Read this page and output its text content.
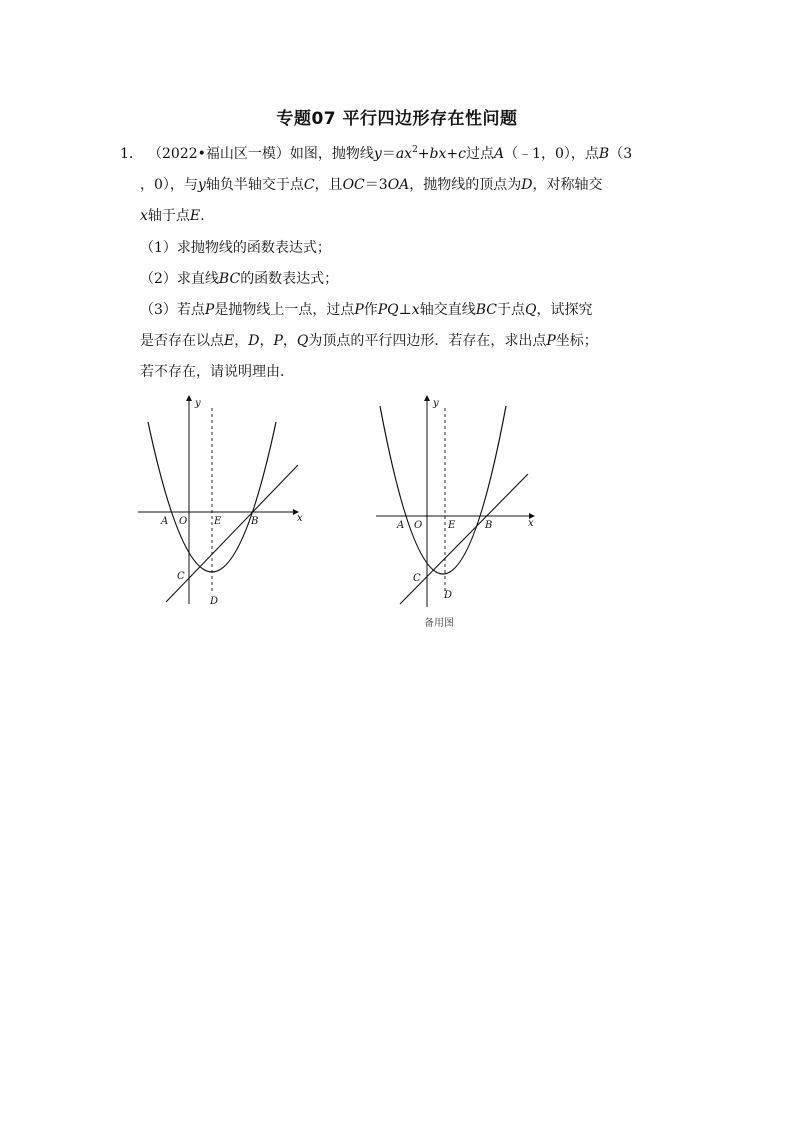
专题07 平行四边形存在性问题
1. （2022•福山区一模）如图，抛物线$y=ax^2+bx+c$过点A（﹣1，0），点B（3
，0），与y轴负半轴交于点C，且OC＝3OA，抛物线的顶点为D，对称轴交
x轴于点E.
（1）求抛物线的函数表达式；
（2）求直线BC的函数表达式；
（3）若点P是抛物线上一点，过点P作PQ⊥x轴交直线BC于点Q，试探究
是否存在以点E，D，P，Q为顶点的平行四边形．若存在，求出点P坐标；
若不存在，请说明理由．
y
x
A O	E	B
C
D
y
x
A O	E	B
C
D
备用图
